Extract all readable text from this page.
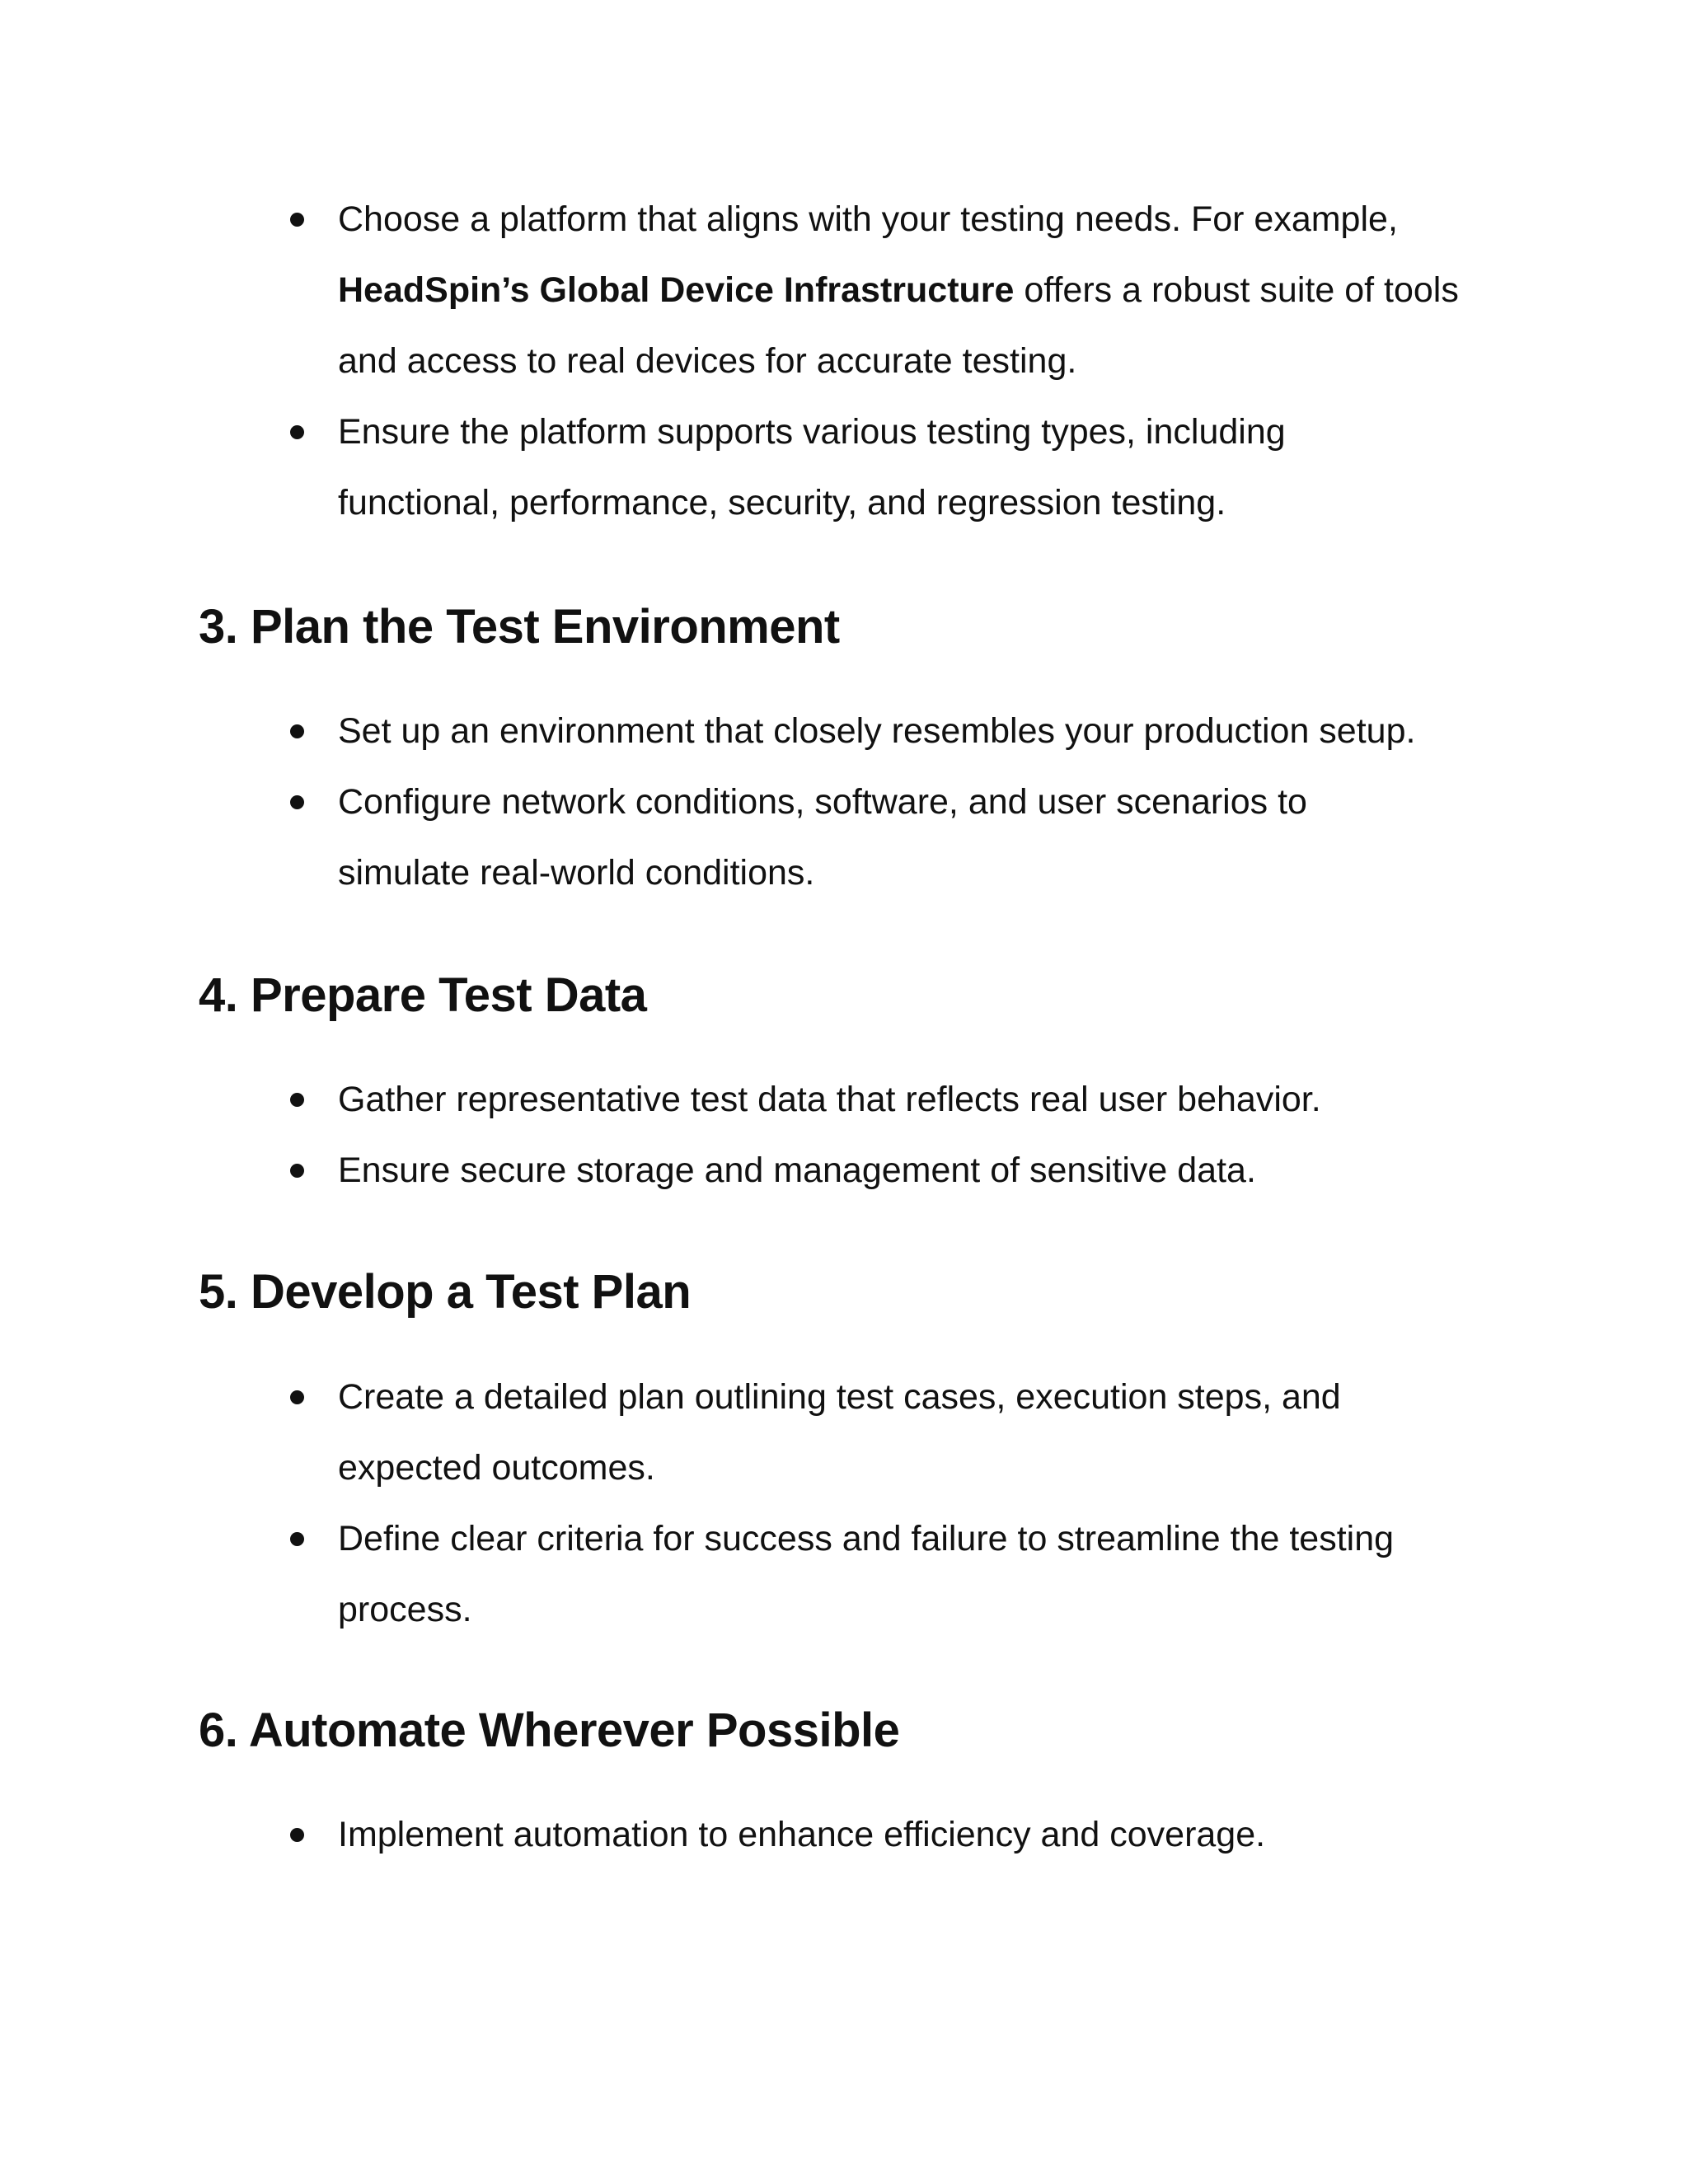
Choose a platform that aligns with your testing needs. For example,
HeadSpin’s Global Device Infrastructure offers a robust suite of tools
and access to real devices for accurate testing.
Ensure the platform supports various testing types, including
functional, performance, security, and regression testing.
3. Plan the Test Environment
Set up an environment that closely resembles your production setup.
Configure network conditions, software, and user scenarios to
simulate real-world conditions.
4. Prepare Test Data
Gather representative test data that reflects real user behavior.
Ensure secure storage and management of sensitive data.
5. Develop a Test Plan
Create a detailed plan outlining test cases, execution steps, and
expected outcomes.
Define clear criteria for success and failure to streamline the testing
process.
6. Automate Wherever Possible
Implement automation to enhance efficiency and coverage.
